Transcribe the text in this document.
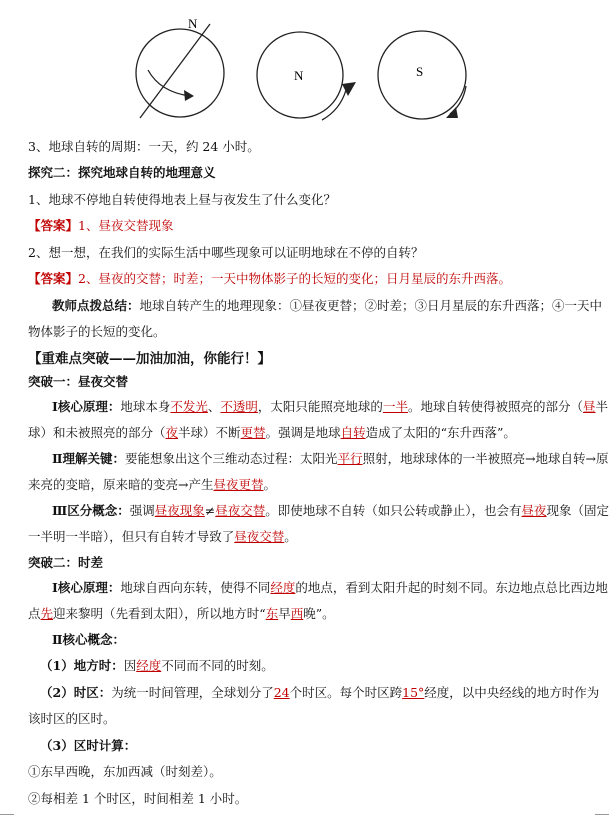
N
N	S
3、地球自转的周期：一天，约 24 小时。
探究二：探究地球自转的地理意义
1、地球不停地自转使得地表上昼与夜发生了什么变化？
【答案】1、昼夜交替现象
2、想一想，在我们的实际生活中哪些现象可以证明地球在不停的自转？
【答案】2、昼夜的交替；时差；一天中物体影子的长短的变化；日月星辰的东升西落。
教师点拨总结：地球自转产生的地理现象：①昼夜更替；②时差；③日月星辰的东升西落；④一天中
物体影子的长短的变化。
【重难点突破——加油加油，你能行！】
突破一：昼夜交替
Ⅰ核心原理：地球本身不发光、不透明，太阳只能照亮地球的一半。地球自转使得被照亮的部分（昼半
球）和未被照亮的部分（夜半球）不断更替。强调是地球自转造成了太阳的“东升西落”。
Ⅱ理解关键：要能想象出这个三维动态过程：太阳光平行照射，地球球体的一半被照亮→地球自转→原
来亮的变暗，原来暗的变亮→产生昼夜更替。
Ⅲ区分概念：强调昼夜现象≠昼夜交替。即使地球不自转（如只公转或静止），也会有昼夜现象（固定
一半明一半暗），但只有自转才导致了昼夜交替。
突破二：时差
Ⅰ核心原理：地球自西向东转，使得不同经度的地点，看到太阳升起的时刻不同。东边地点总比西边地
点先迎来黎明（先看到太阳），所以地方时“东早西晚”。
Ⅱ核心概念：
（1）地方时：因经度不同而不同的时刻。
（2）时区：为统一时间管理，全球划分了24个时区。每个时区跨15°经度，以中央经线的地方时作为
该时区的区时。
（3）区时计算：
①东早西晚，东加西减（时刻差）。
②每相差 1 个时区，时间相差 1 小时。
